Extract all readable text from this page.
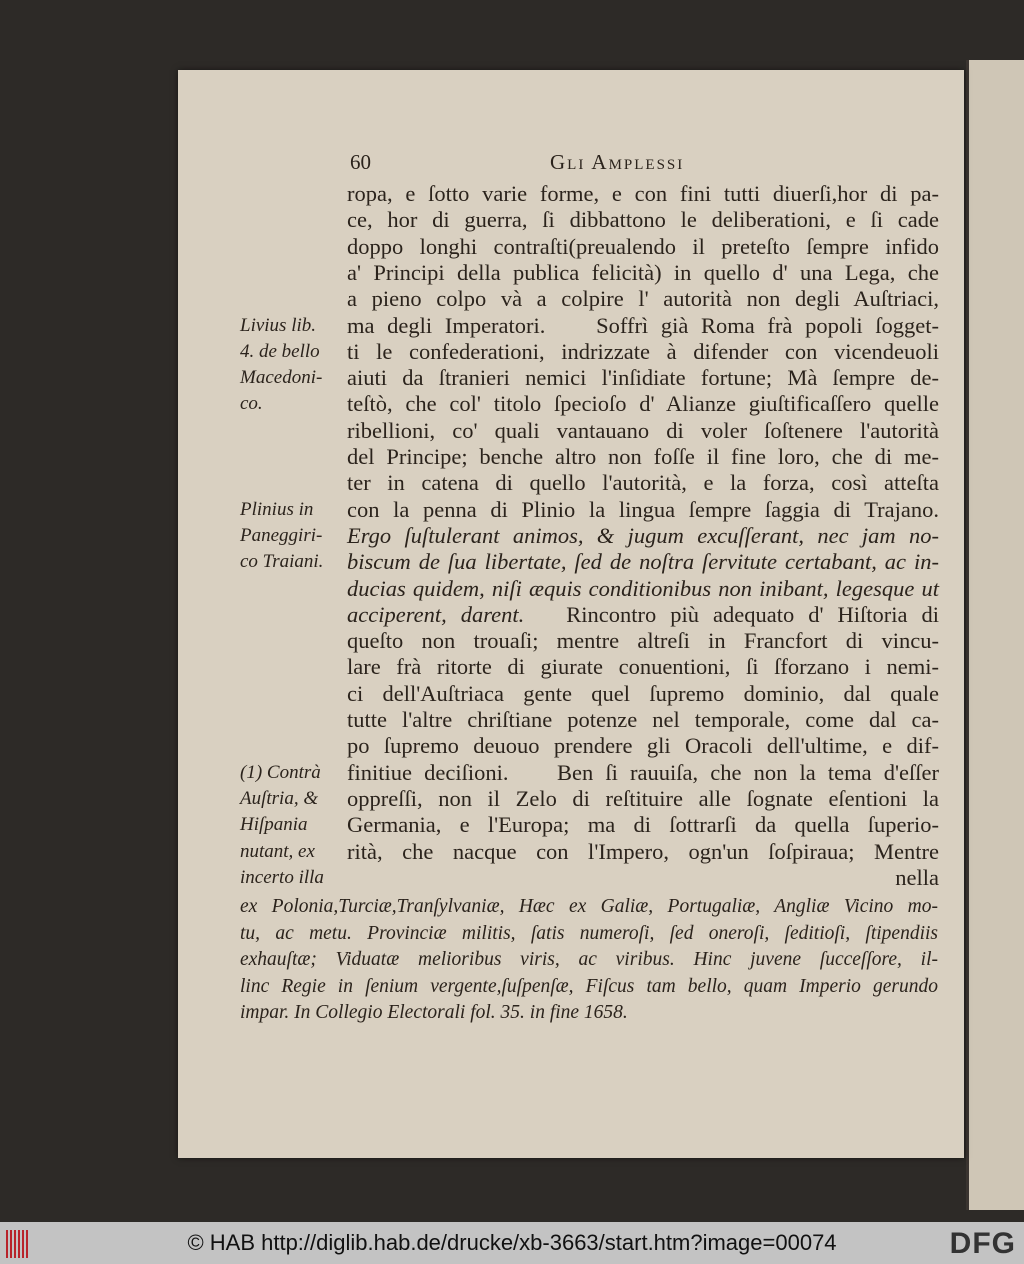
60	Gli Amplessi
ropa, e ſotto varie forme, e con fini tutti diuerſi,hor di pa-
ce, hor di guerra, ſi dibbattono le deliberationi, e ſi cade
doppo longhi contraſti(preualendo il preteſto ſempre infido
a' Principi della publica felicità) in quello d' una Lega, che
a pieno colpo và a colpire l' autorità non degli Auſtriaci,
ma degli Imperatori.    Soffrì già Roma frà popoli ſogget-
ti le confederationi, indrizzate à difender con vicendeuoli
aiuti da ſtranieri nemici l'inſidiate fortune; Mà ſempre de-
teſtò, che col' titolo ſpecioſo d' Alianze giuſtificaſſero quelle
ribellioni, co' quali vantauano di voler ſoſtenere l'autorità
del Principe; benche altro non foſſe il fine loro, che di me-
ter in catena di quello l'autorità, e la forza, così atteſta
con la penna di Plinio la lingua ſempre ſaggia di Trajano.
Ergo ſuſtulerant animos, & jugum excuſſerant, nec jam no-
biscum de ſua libertate, ſed de noſtra ſervitute certabant, ac in-
ducias quidem, niſi æquis conditionibus non inibant, legesque ut
acciperent, darent.   Rincontro più adequato d' Hiſtoria di
queſto non trouaſi; mentre altreſi in Francfort di vincu-
lare frà ritorte di giurate conuentioni, ſi ſforzano i nemi-
ci dell'Auſtriaca gente quel ſupremo dominio, dal quale
tutte l'altre chriſtiane potenze nel temporale, come dal ca-
po ſupremo deuouo prendere gli Oracoli dell'ultime, e dif-
finitiue deciſioni.    Ben ſi rauuiſa, che non la tema d'eſſer
oppreſſi, non il Zelo di reſtituire alle ſognate eſentioni la
Germania, e l'Europa; ma di ſottrarſi da quella ſuperio-
rità, che nacque con l'Impero, ogn'un ſoſpiraua; Mentre
nella
Livius lib.
4. de bello
Macedoni-
co.
Plinius in
Paneggiri-
co Traiani.
(1) Contrà
Auſtria, &
Hiſpania
nutant, ex
incerto illa
ex Polonia,Turciæ,Tranſylvaniæ, Hæc ex Galiæ, Portugaliæ, Angliæ Vicino mo-
tu, ac metu. Provinciæ militis, ſatis numeroſi, ſed oneroſi, ſeditioſi, ſtipendiis
exhauſtæ; Viduatæ melioribus viris, ac viribus. Hinc juvene ſucceſſore, il-
linc Regie in ſenium vergente,ſuſpenſæ, Fiſcus tam bello, quam Imperio gerundo
impar. In Collegio Electorali fol. 35. in fine 1658.
© HAB http://diglib.hab.de/drucke/xb-3663/start.htm?image=00074	DFG
